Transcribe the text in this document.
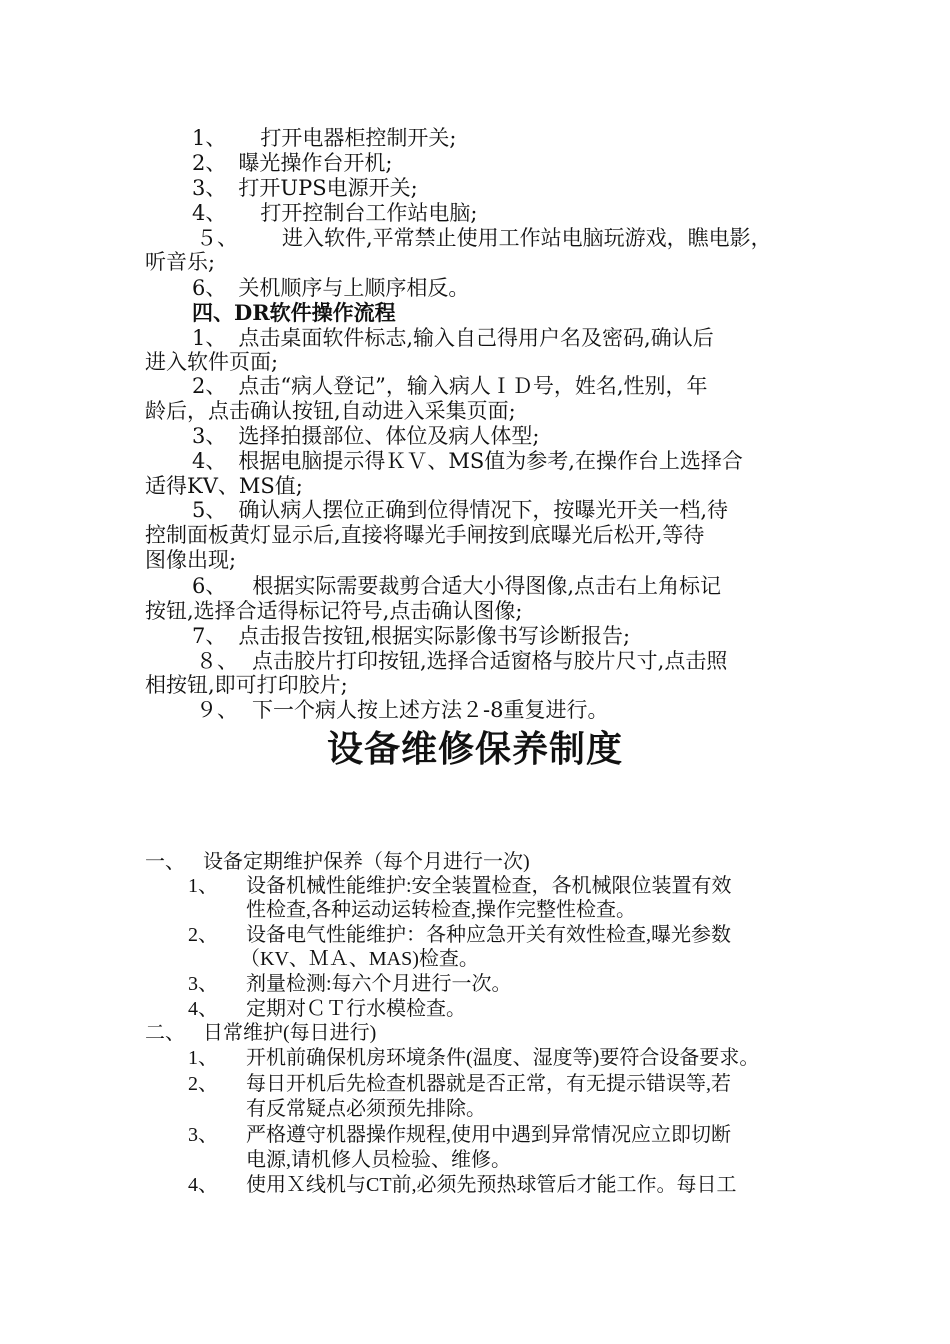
1、 打开电器柜控制开关;
2、 曝光操作台开机;
3、 打开UPS电源开关;
4、 打开控制台工作站电脑;
５、 进入软件,平常禁止使用工作站电脑玩游戏，瞧电影，
听音乐;
6、 关机顺序与上顺序相反。
四、DR软件操作流程
1、 点击桌面软件标志,输入自己得用户名及密码,确认后
进入软件页面;
2、 点击“病人登记”，输入病人ＩＤ号，姓名,性别，年
龄后，点击确认按钮,自动进入采集页面;
3、 选择拍摄部位、体位及病人体型;
4、 根据电脑提示得ＫＶ、MS值为参考,在操作台上选择合
适得KV、MS值;
5、 确认病人摆位正确到位得情况下，按曝光开关一档,待
控制面板黄灯显示后,直接将曝光手闸按到底曝光后松开,等待
图像出现;
6、 根据实际需要裁剪合适大小得图像,点击右上角标记
按钮,选择合适得标记符号,点击确认图像;
7、 点击报告按钮,根据实际影像书写诊断报告;
８、 点击胶片打印按钮,选择合适窗格与胶片尺寸,点击照
相按钮,即可打印胶片;
９、 下一个病人按上述方法２-8重复进行。
设备维修保养制度
一、 设备定期维护保养（每个月进行一次)
1、 设备机械性能维护:安全装置检查，各机械限位装置有效
性检查,各种运动运转检查,操作完整性检查。
2、 设备电气性能维护：各种应急开关有效性检查,曝光参数
（KV、ＭＡ、MAS)检查。
3、 剂量检测:每六个月进行一次。
4、 定期对ＣＴ行水模检查。
二、 日常维护(每日进行)
1、 开机前确保机房环境条件(温度、湿度等)要符合设备要求。
2、 每日开机后先检查机器就是否正常，有无提示错误等,若
有反常疑点必须预先排除。
3、 严格遵守机器操作规程,使用中遇到异常情况应立即切断
电源,请机修人员检验、维修。
4、 使用Ｘ线机与CT前,必须先预热球管后才能工作。每日工
